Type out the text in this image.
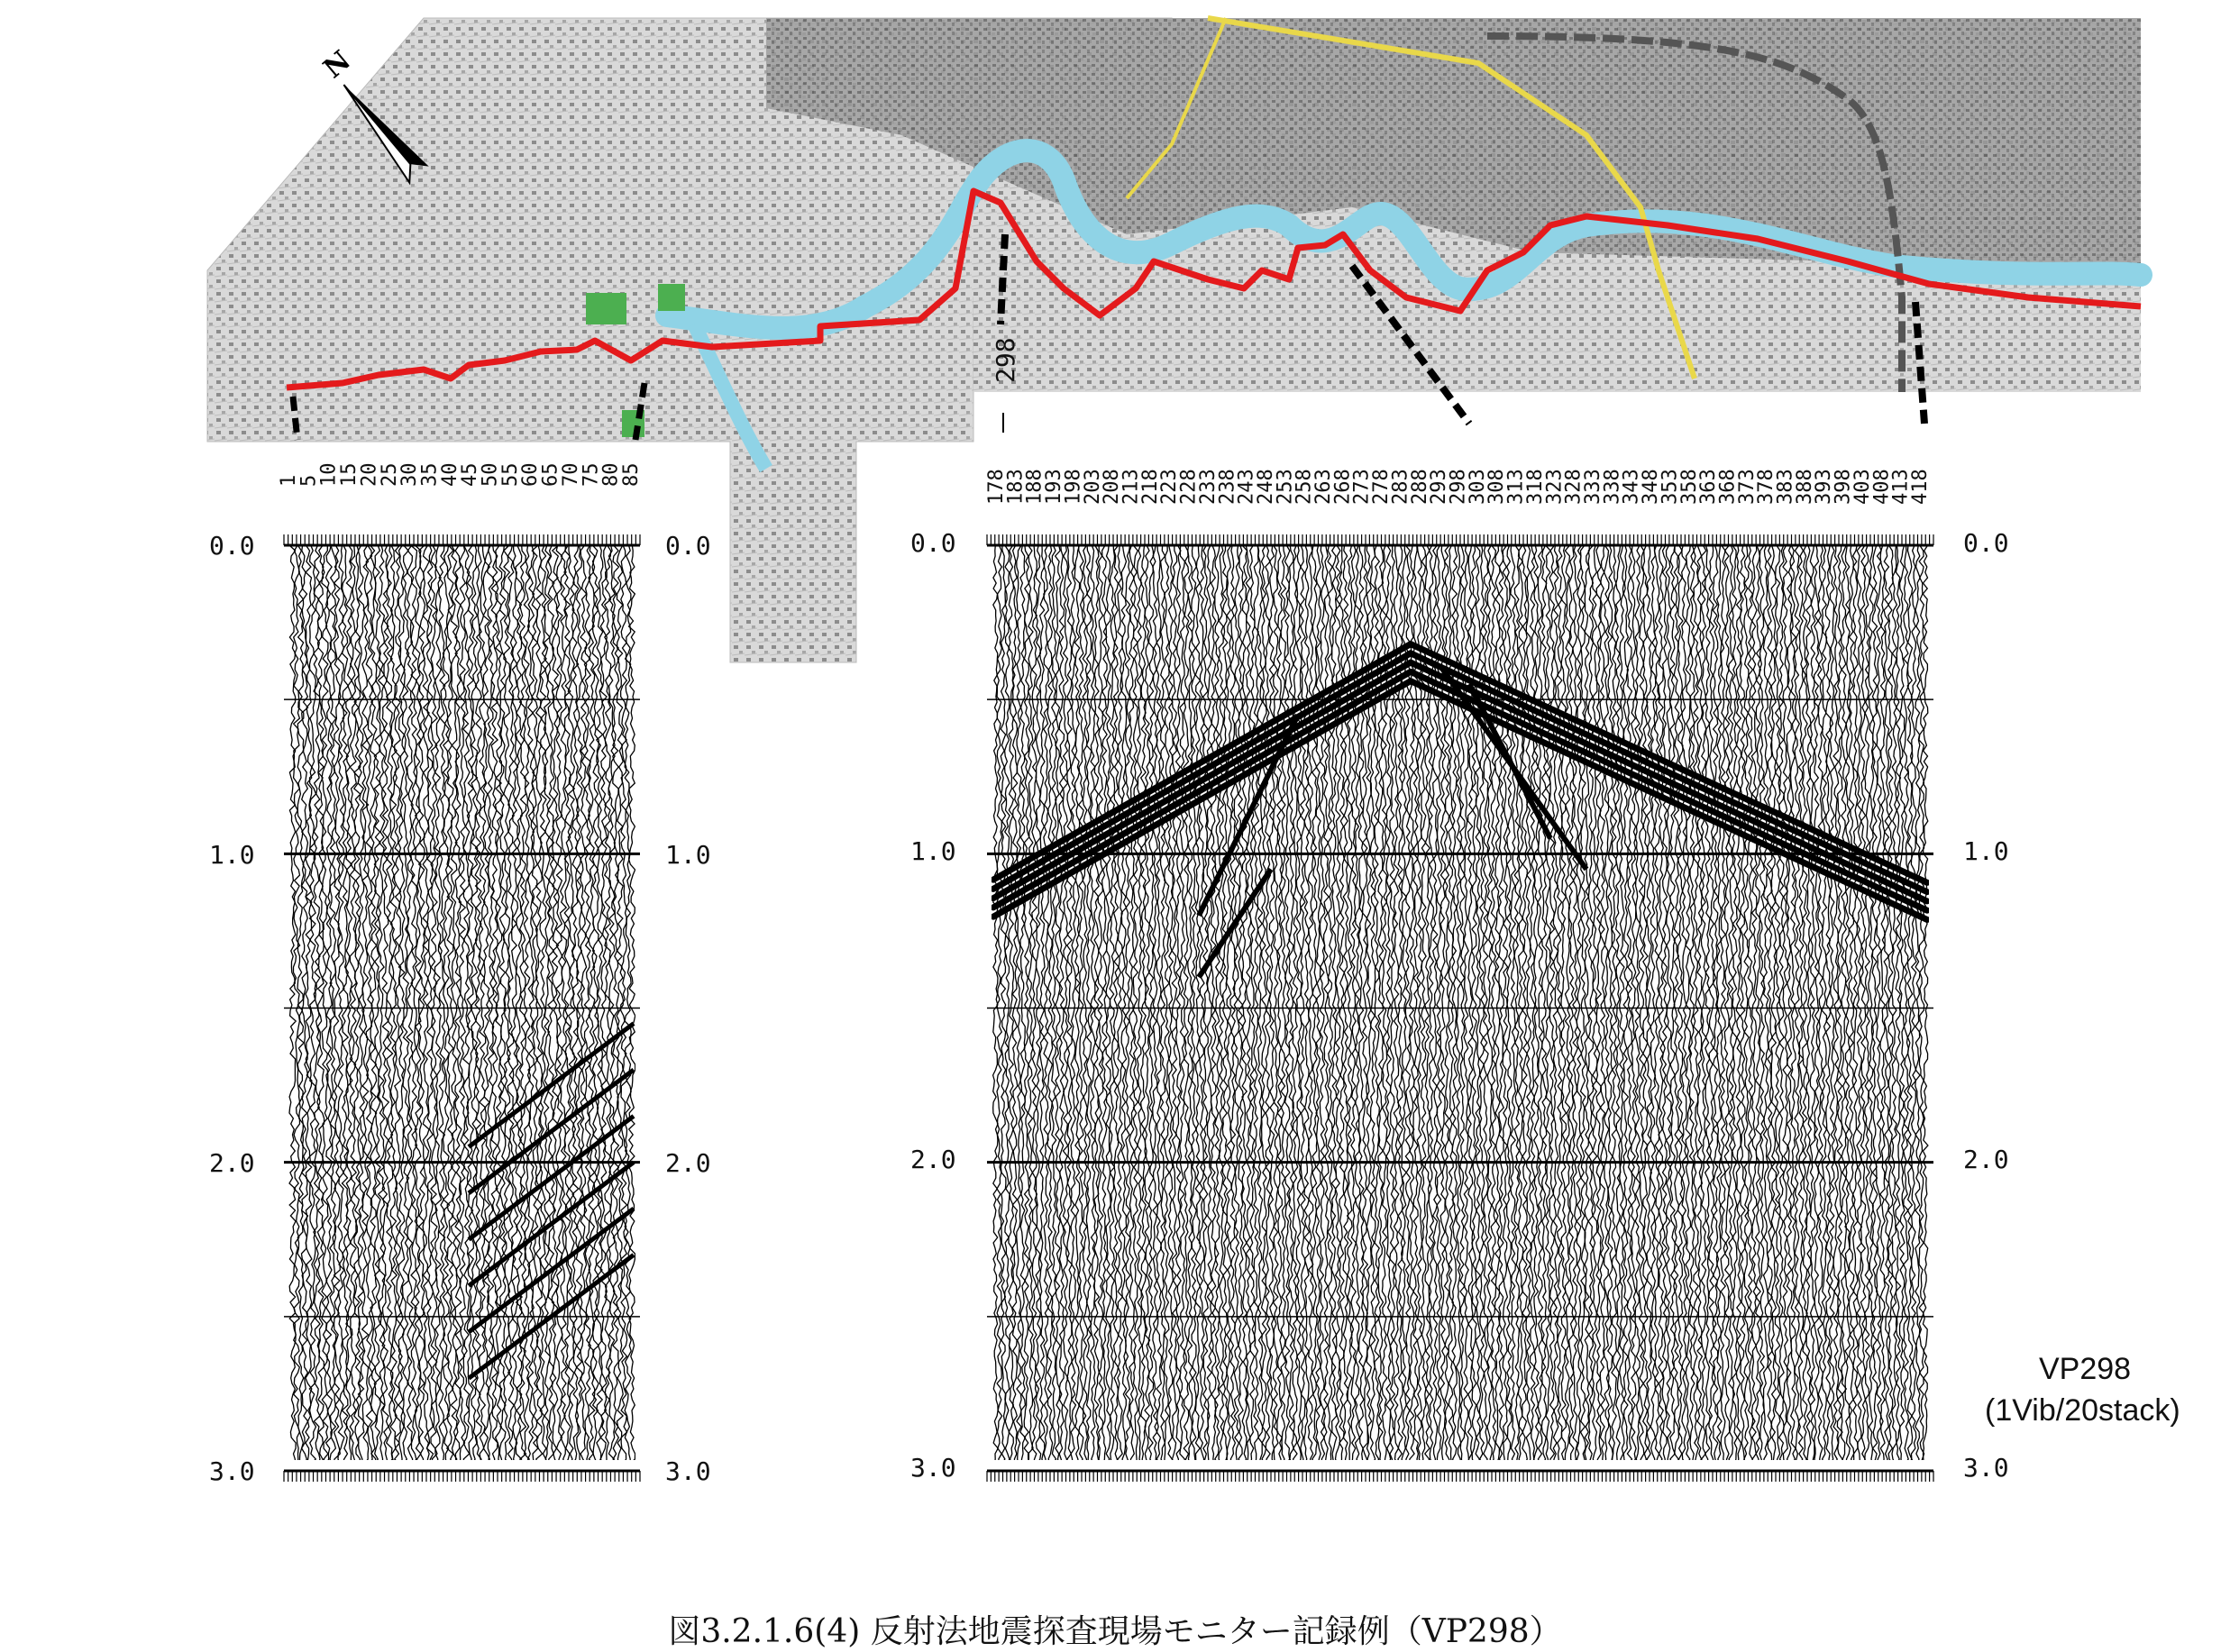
N
298
1
5
10
15
20
25
30
35
40
45
50
55
60
65
70
75
80
85	178
183
188
193
198
203
208
213
218
223
228
233
238
243
248
253
258
263
268
273
278
283
288
293
298
303
308
313
318
323
328
333
338
343
348
353
358
363
368
373
378
383
388
393
398
403
408
413
418
0.0
1.0
2.0
3.0
0.0
1.0
2.0
3.0
0.0
1.0
2.0
3.0
0.0
1.0
2.0
3.0
VP298
(1Vib/20stack)
図3.2.1.6(4) 反射法地震探査現場モニター記録例（VP298）
